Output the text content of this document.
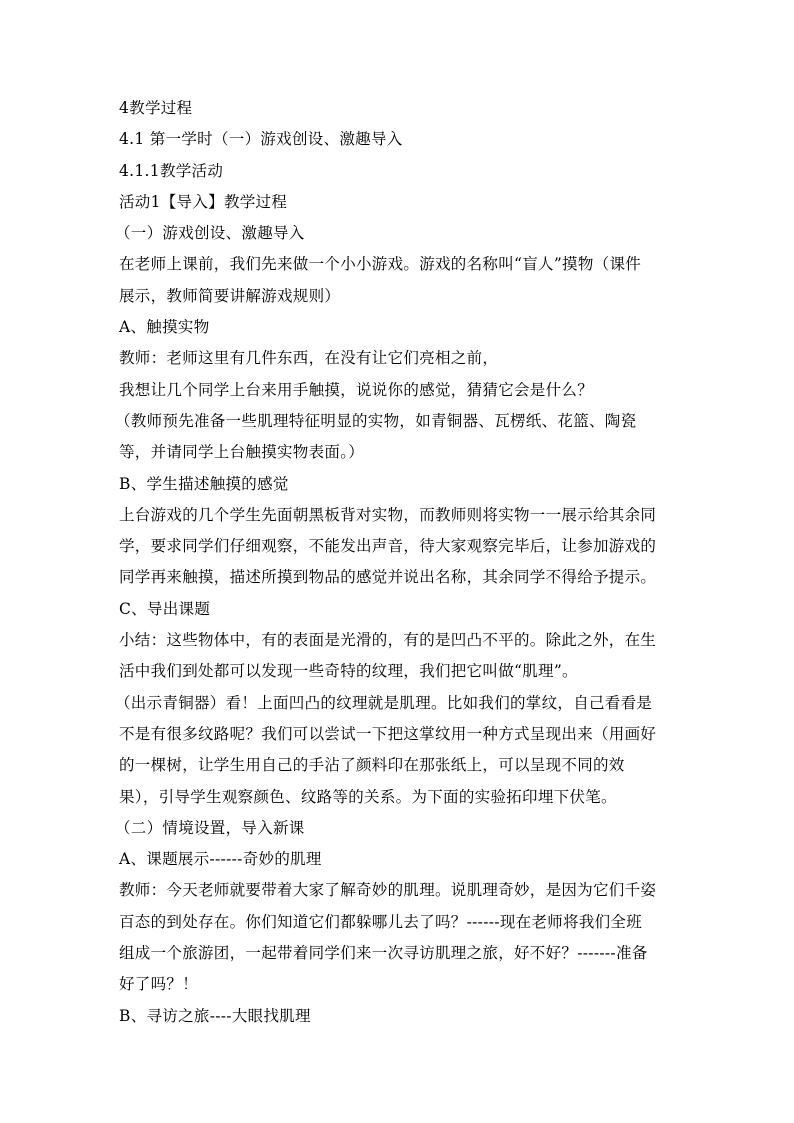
4教学过程
4.1 第一学时（一）游戏创设、激趣导入
4.1.1教学活动
活动1【导入】教学过程
（一）游戏创设、激趣导入
在老师上课前，我们先来做一个小小游戏。游戏的名称叫“盲人”摸物（课件
展示，教师简要讲解游戏规则）
A、触摸实物
教师：老师这里有几件东西，在没有让它们亮相之前，
我想让几个同学上台来用手触摸，说说你的感觉，猜猜它会是什么？
（教师预先准备一些肌理特征明显的实物，如青铜器、瓦楞纸、花篮、陶瓷
等，并请同学上台触摸实物表面。）
B、学生描述触摸的感觉
上台游戏的几个学生先面朝黑板背对实物，而教师则将实物一一展示给其余同
学，要求同学们仔细观察，不能发出声音，待大家观察完毕后，让参加游戏的
同学再来触摸，描述所摸到物品的感觉并说出名称，其余同学不得给予提示。
C、导出课题
小结：这些物体中，有的表面是光滑的，有的是凹凸不平的。除此之外，在生
活中我们到处都可以发现一些奇特的纹理，我们把它叫做“肌理”。
（出示青铜器）看！上面凹凸的纹理就是肌理。比如我们的掌纹，自己看看是
不是有很多纹路呢？我们可以尝试一下把这掌纹用一种方式呈现出来（用画好
的一棵树，让学生用自己的手沾了颜料印在那张纸上，可以呈现不同的效
果），引导学生观察颜色、纹路等的关系。为下面的实验拓印埋下伏笔。
（二）情境设置，导入新课
A、课题展示------奇妙的肌理
教师：今天老师就要带着大家了解奇妙的肌理。说肌理奇妙，是因为它们千姿
百态的到处存在。你们知道它们都躲哪儿去了吗？------现在老师将我们全班
组成一个旅游团，一起带着同学们来一次寻访肌理之旅，好不好？-------准备
好了吗？！
B、寻访之旅----大眼找肌理
